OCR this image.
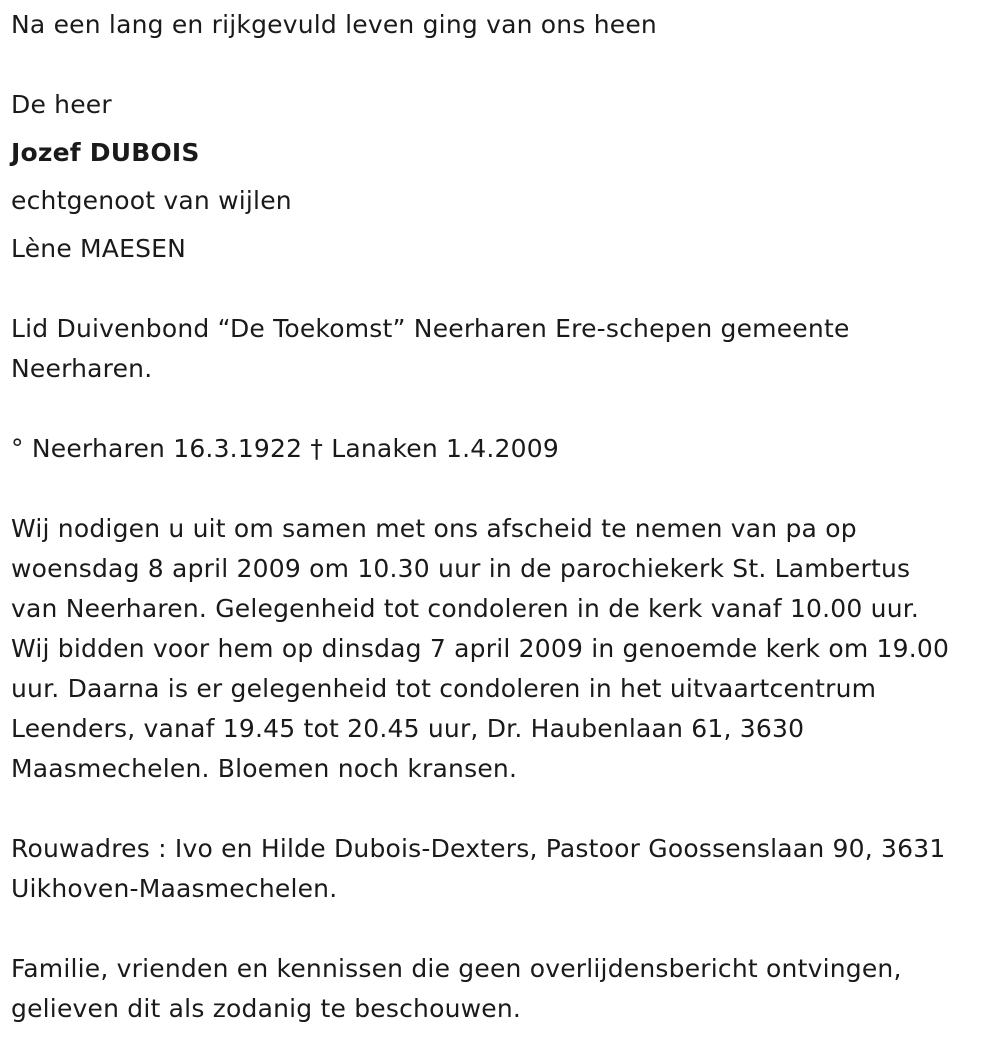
Na een lang en rijkgevuld leven ging van ons heen
De heer
Jozef DUBOIS
echtgenoot van wijlen
Lène MAESEN
Lid Duivenbond “De Toekomst” Neerharen Ere-schepen gemeente
Neerharen.
° Neerharen 16.3.1922 † Lanaken 1.4.2009
Wij nodigen u uit om samen met ons afscheid te nemen van pa op
woensdag 8 april 2009 om 10.30 uur in de parochiekerk St. Lambertus
van Neerharen. Gelegenheid tot condoleren in de kerk vanaf 10.00 uur.
Wij bidden voor hem op dinsdag 7 april 2009 in genoemde kerk om 19.00
uur. Daarna is er gelegenheid tot condoleren in het uitvaartcentrum
Leenders, vanaf 19.45 tot 20.45 uur, Dr. Haubenlaan 61, 3630
Maasmechelen. Bloemen noch kransen.
Rouwadres : Ivo en Hilde Dubois-Dexters, Pastoor Goossenslaan 90, 3631
Uikhoven-Maasmechelen.
Familie, vrienden en kennissen die geen overlijdensbericht ontvingen,
gelieven dit als zodanig te beschouwen.
